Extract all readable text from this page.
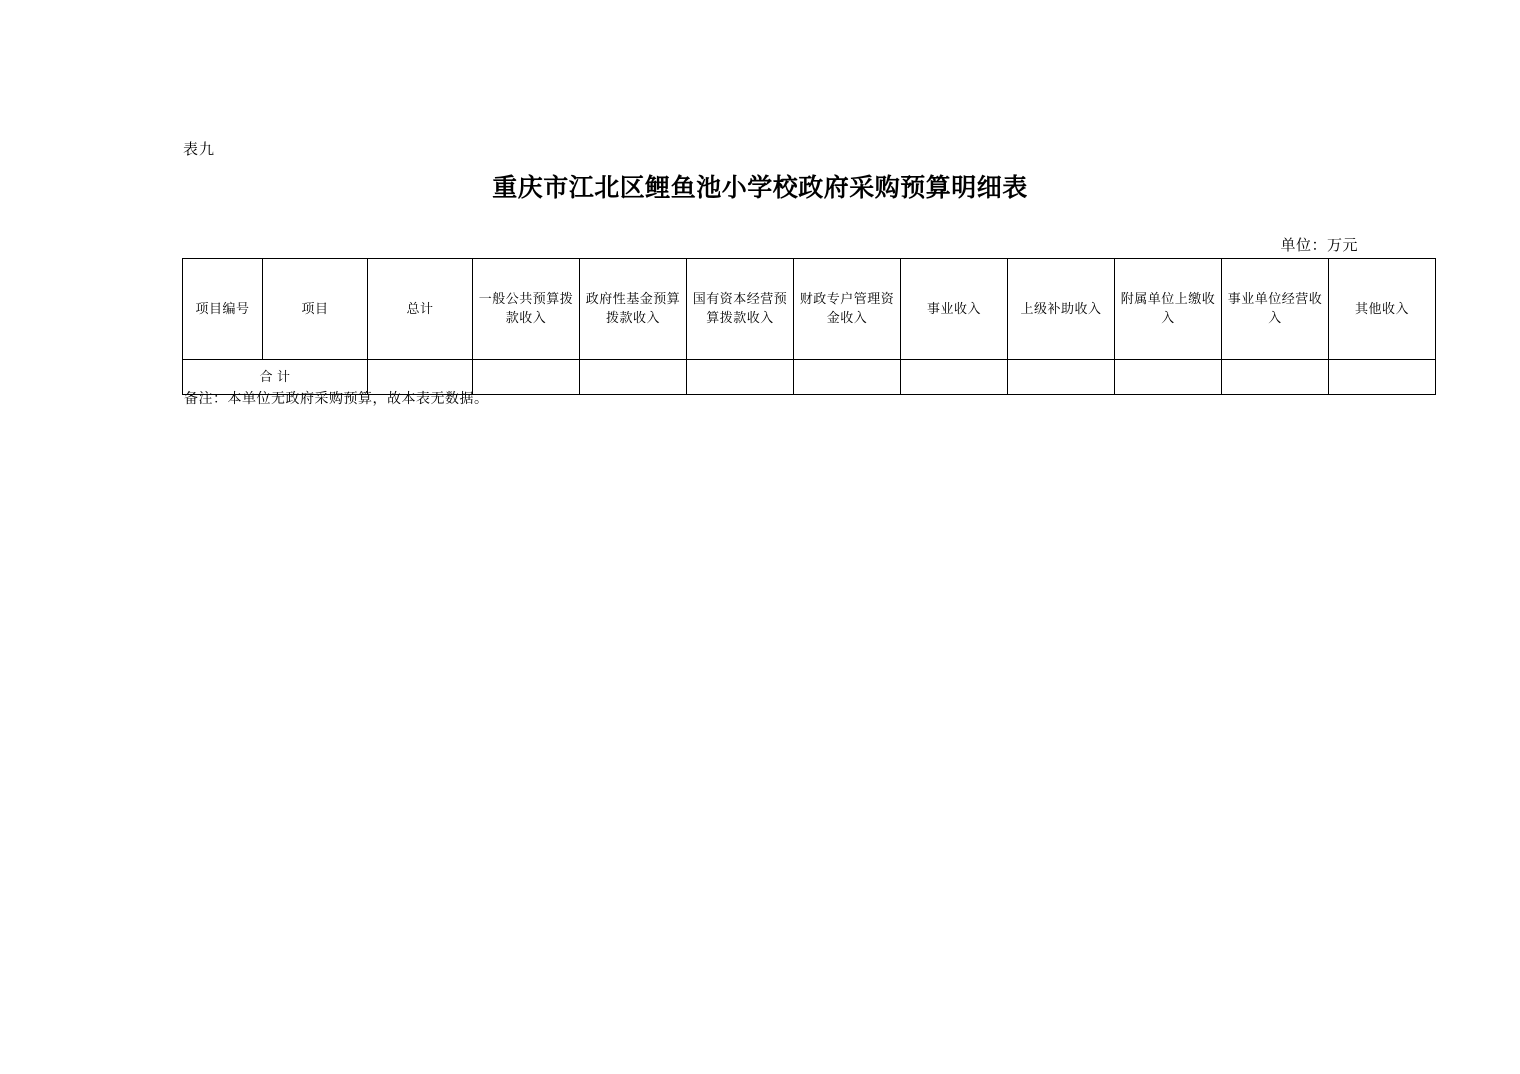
表九
重庆市江北区鲤鱼池小学校政府采购预算明细表
单位：万元
项目编号	项目	总计	一般公共预算拨款收入	政府性基金预算拨款收入	国有资本经营预算拨款收入	财政专户管理资金收入	事业收入	上级补助收入	附属单位上缴收入	事业单位经营收入	其他收入
合 计											
备注：本单位无政府采购预算，故本表无数据。
